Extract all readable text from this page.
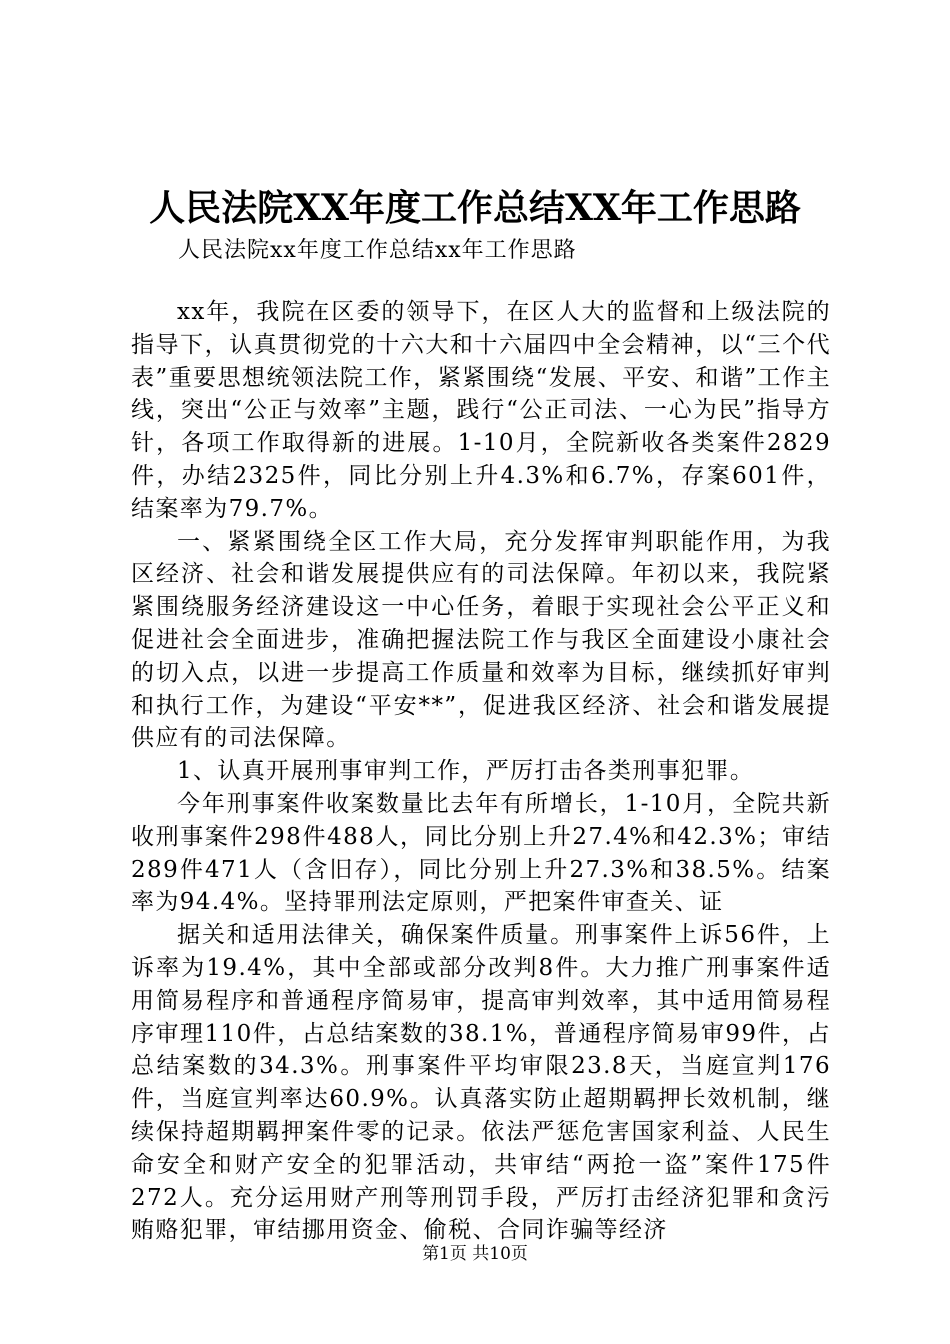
人民法院XX年度工作总结XX年工作思路
人民法院xx年度工作总结xx年工作思路

xx年，我院在区委的领导下，在区人大的监督和上级法院的指导下，认真贯彻党的十六大和十六届四中全会精神，以“三个代表”重要思想统领法院工作，紧紧围绕“发展、平安、和谐”工作主线，突出“公正与效率”主题，践行“公正司法、一心为民”指导方针，各项工作取得新的进展。1-10月，全院新收各类案件2829件，办结2325件，同比分别上升4.3%和6.7%，存案601件，结案率为79.7%。

一、紧紧围绕全区工作大局，充分发挥审判职能作用，为我区经济、社会和谐发展提供应有的司法保障。年初以来，我院紧紧围绕服务经济建设这一中心任务，着眼于实现社会公平正义和促进社会全面进步，准确把握法院工作与我区全面建设小康社会的切入点，以进一步提高工作质量和效率为目标，继续抓好审判和执行工作，为建设“平安**”，促进我区经济、社会和谐发展提供应有的司法保障。

1、认真开展刑事审判工作，严厉打击各类刑事犯罪。

今年刑事案件收案数量比去年有所增长，1-10月，全院共新收刑事案件298件488人，同比分别上升27.4%和42.3%；审结289件471人（含旧存），同比分别上升27.3%和38.5%。结案率为94.4%。坚持罪刑法定原则，严把案件审查关、证

据关和适用法律关，确保案件质量。刑事案件上诉56件，上诉率为19.4%，其中全部或部分改判8件。大力推广刑事案件适用简易程序和普通程序简易审，提高审判效率，其中适用简易程序审理110件，占总结案数的38.1%，普通程序简易审99件，占总结案数的34.3%。刑事案件平均审限23.8天，当庭宣判176件，当庭宣判率达60.9%。认真落实防止超期羁押长效机制，继续保持超期羁押案件零的记录。依法严惩危害国家利益、人民生命安全和财产安全的犯罪活动，共审结“两抢一盗”案件175件272人。充分运用财产刑等刑罚手段，严厉打击经济犯罪和贪污贿赂犯罪，审结挪用资金、偷税、合同诈骗等经济

第1页 共10页
